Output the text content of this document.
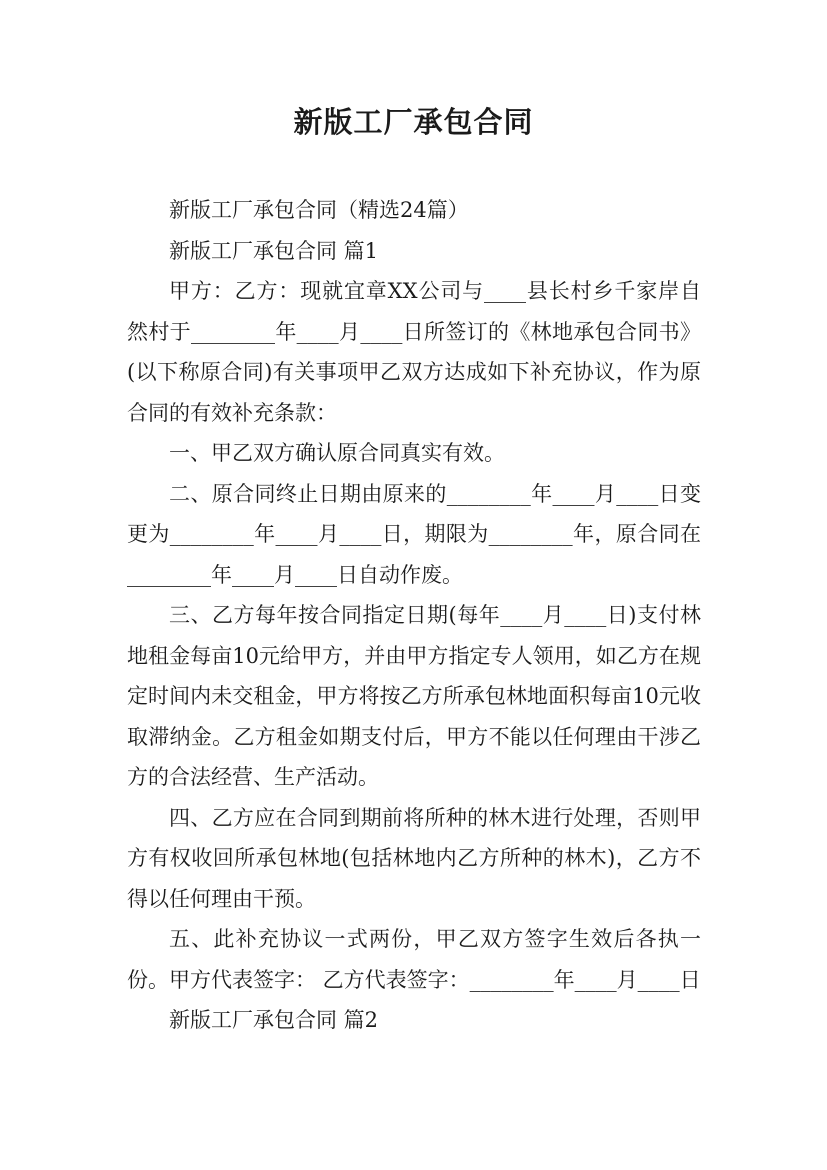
新版工厂承包合同

新版工厂承包合同（精选24篇）

新版工厂承包合同 篇1

甲方：乙方：现就宜章XX公司与____县长村乡千家岸自然村于________年____月____日所签订的《林地承包合同书》(以下称原合同)有关事项甲乙双方达成如下补充协议，作为原合同的有效补充条款：

一、甲乙双方确认原合同真实有效。

二、原合同终止日期由原来的________年____月____日变更为________年____月____日，期限为________年，原合同在________年____月____日自动作废。

三、乙方每年按合同指定日期(每年____月____日)支付林地租金每亩10元给甲方，并由甲方指定专人领用，如乙方在规定时间内未交租金，甲方将按乙方所承包林地面积每亩10元收取滞纳金。乙方租金如期支付后，甲方不能以任何理由干涉乙方的合法经营、生产活动。

四、乙方应在合同到期前将所种的林木进行处理，否则甲方有权收回所承包林地(包括林地内乙方所种的林木)，乙方不得以任何理由干预。

五、此补充协议一式两份，甲乙双方签字生效后各执一份。甲方代表签字： 乙方代表签字：________年____月____日

新版工厂承包合同 篇2
